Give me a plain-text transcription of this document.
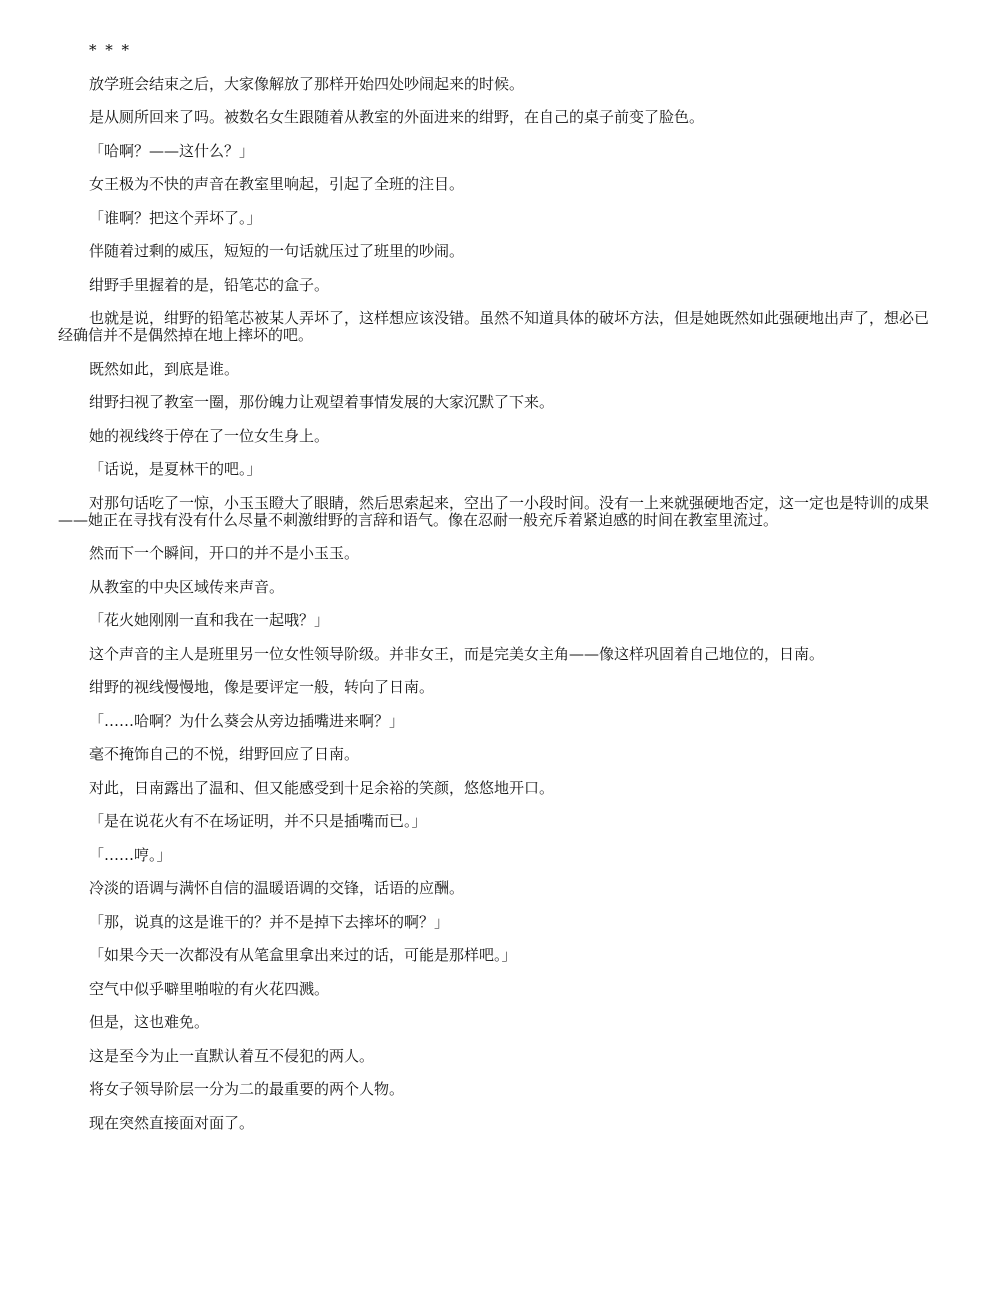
* * *

放学班会结束之后，大家像解放了那样开始四处吵闹起来的时候。

是从厕所回来了吗。被数名女生跟随着从教室的外面进来的绀野，在自己的桌子前变了脸色。

「哈啊？——这什么？」

女王极为不快的声音在教室里响起，引起了全班的注目。

「谁啊？把这个弄坏了。」

伴随着过剩的威压，短短的一句话就压过了班里的吵闹。

绀野手里握着的是，铅笔芯的盒子。

也就是说，绀野的铅笔芯被某人弄坏了，这样想应该没错。虽然不知道具体的破坏方法，但是她既然如此强硬地出声了，想必已经确信并不是偶然掉在地上摔坏的吧。

既然如此，到底是谁。

绀野扫视了教室一圈，那份魄力让观望着事情发展的大家沉默了下来。

她的视线终于停在了一位女生身上。

「话说，是夏林干的吧。」

对那句话吃了一惊，小玉玉瞪大了眼睛，然后思索起来，空出了一小段时间。没有一上来就强硬地否定，这一定也是特训的成果——她正在寻找有没有什么尽量不刺激绀野的言辞和语气。像在忍耐一般充斥着紧迫感的时间在教室里流过。

然而下一个瞬间，开口的并不是小玉玉。

从教室的中央区域传来声音。

「花火她刚刚一直和我在一起哦？」

这个声音的主人是班里另一位女性领导阶级。并非女王，而是完美女主角——像这样巩固着自己地位的，日南。

绀野的视线慢慢地，像是要评定一般，转向了日南。

「……哈啊？为什么葵会从旁边插嘴进来啊？」

毫不掩饰自己的不悦，绀野回应了日南。

对此，日南露出了温和、但又能感受到十足余裕的笑颜，悠悠地开口。

「是在说花火有不在场证明，并不只是插嘴而已。」

「……哼。」

冷淡的语调与满怀自信的温暖语调的交锋，话语的应酬。

「那，说真的这是谁干的？并不是掉下去摔坏的啊？」

「如果今天一次都没有从笔盒里拿出来过的话，可能是那样吧。」

空气中似乎噼里啪啦的有火花四溅。

但是，这也难免。

这是至今为止一直默认着互不侵犯的两人。

将女子领导阶层一分为二的最重要的两个人物。

现在突然直接面对面了。
